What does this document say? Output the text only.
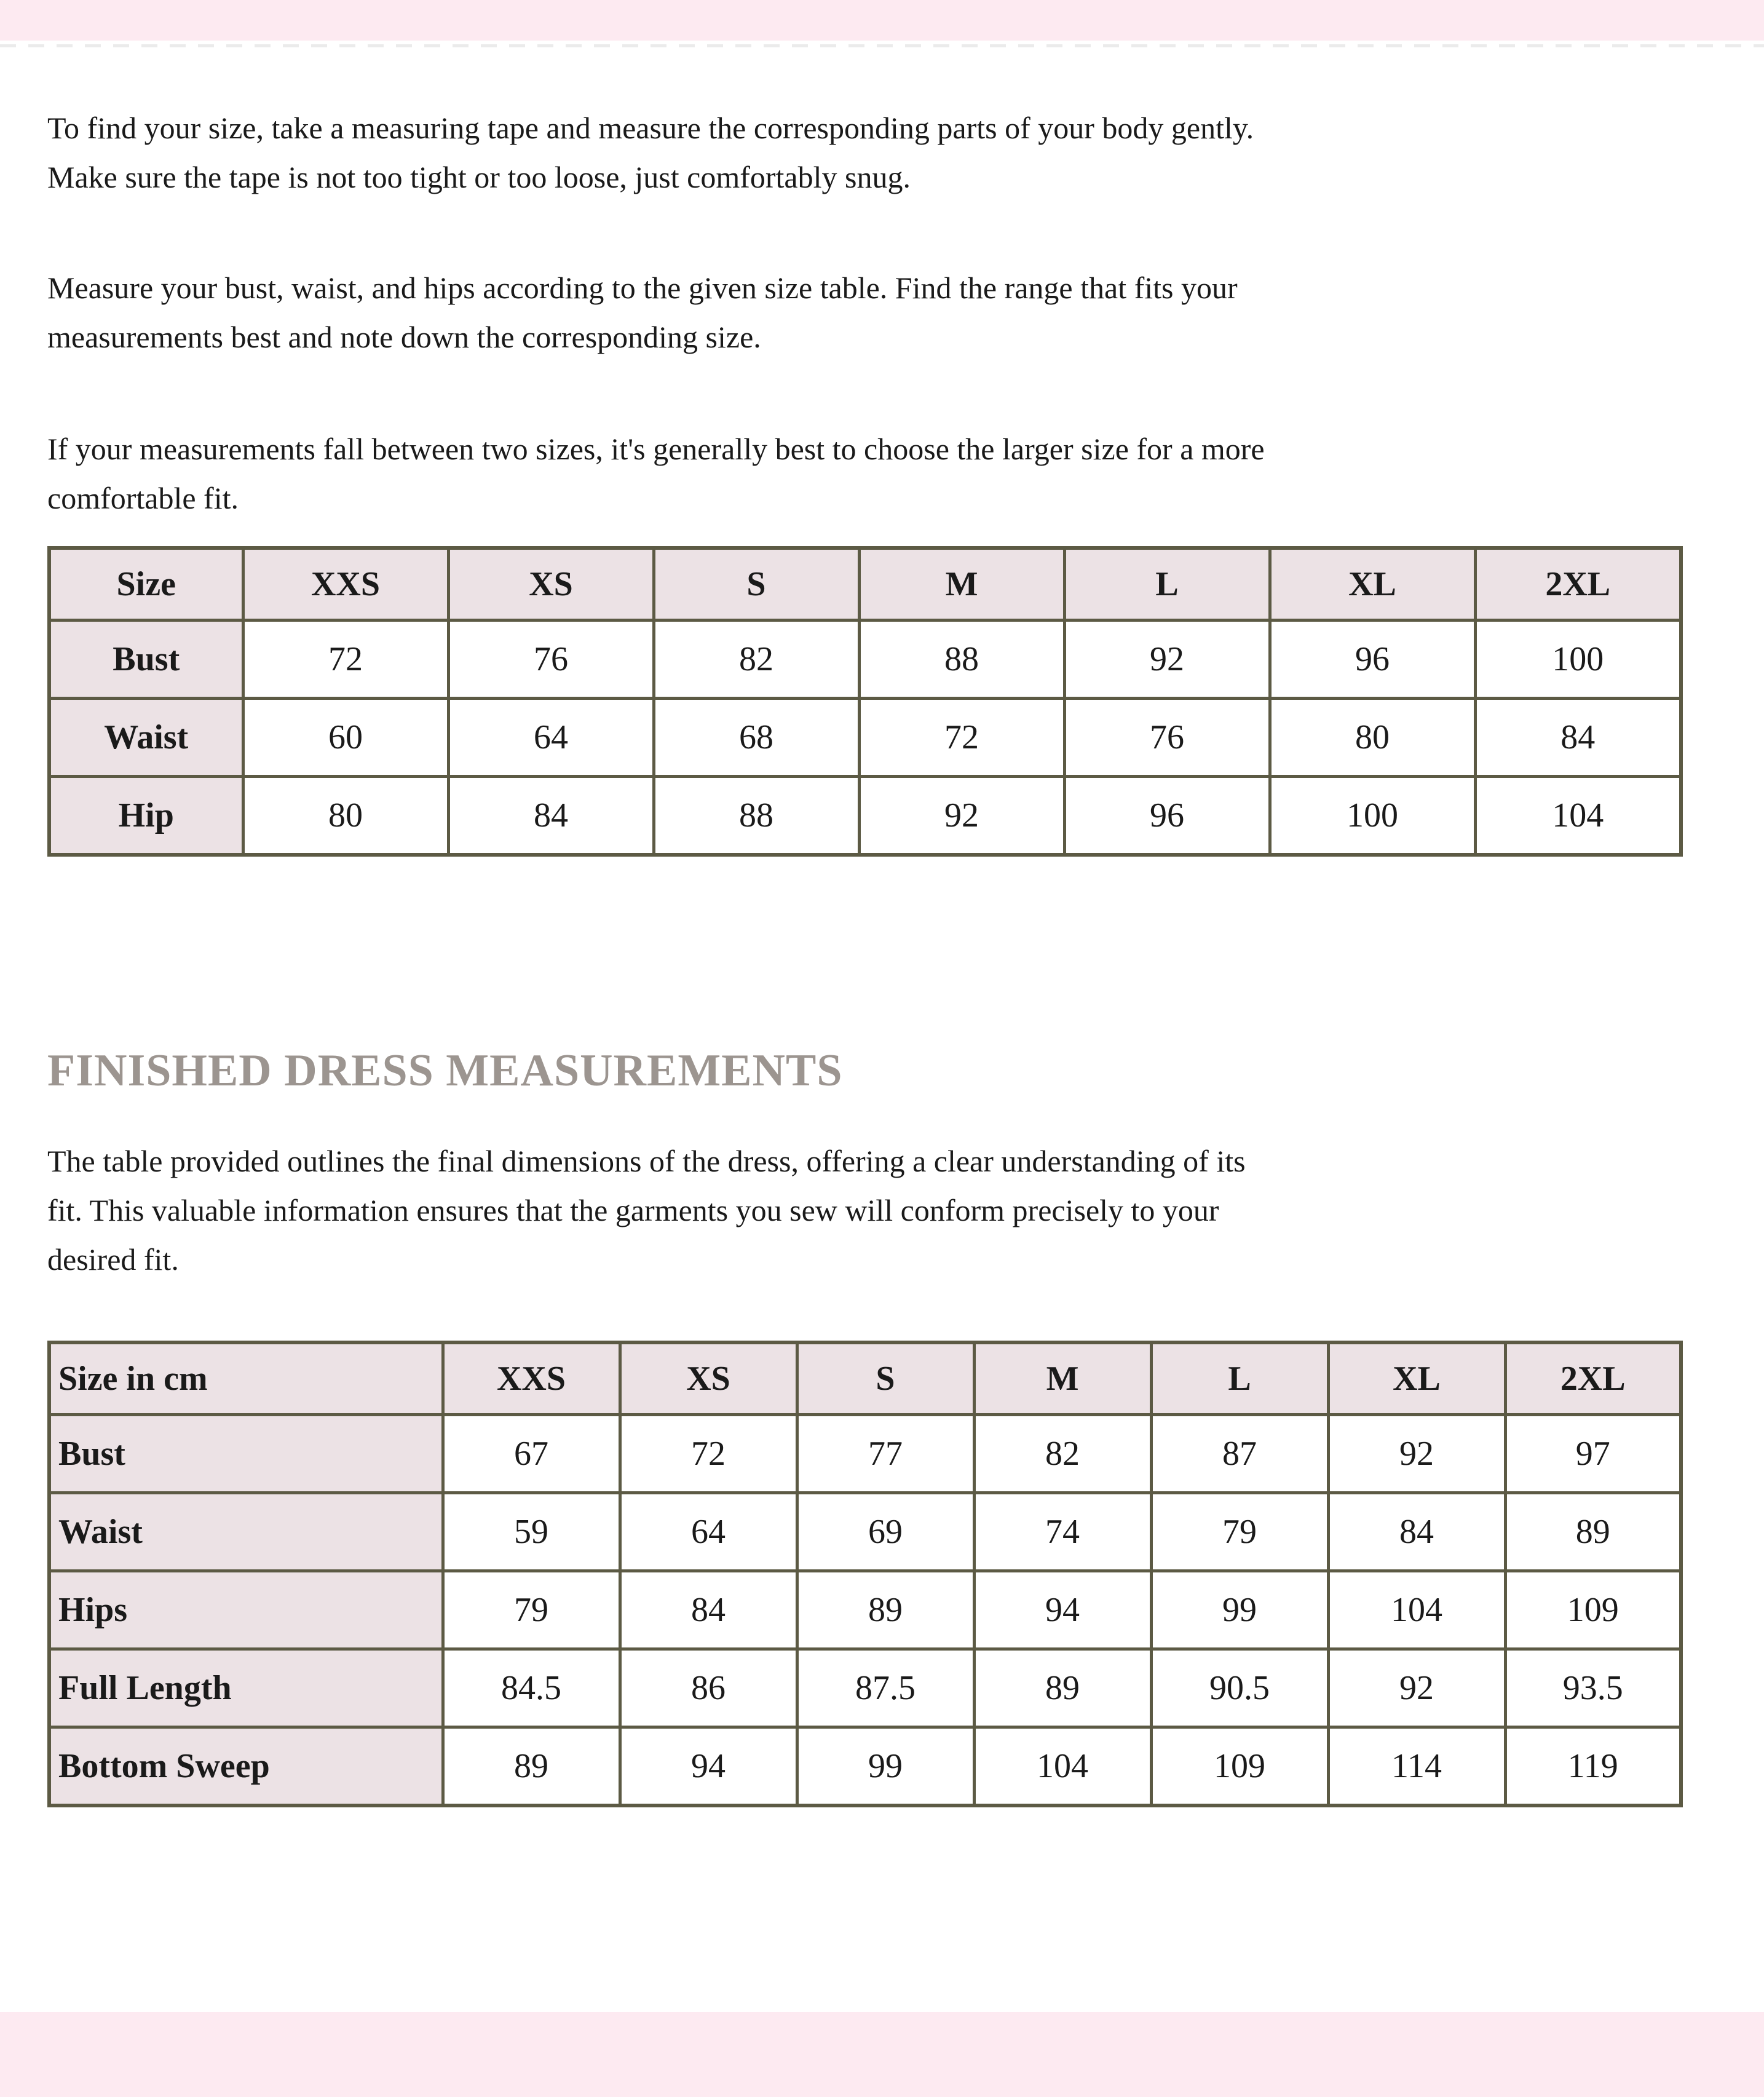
To find your size, take a measuring tape and measure the corresponding parts of your body gently.
Make sure the tape is not too tight or too loose, just comfortably snug.

Measure your bust, waist, and hips according to the given size table. Find the range that fits your
measurements best and note down the corresponding size.

If your measurements fall between two sizes, it's generally best to choose the larger size for a more
comfortable fit.

Size	XXS	XS	S	M	L	XL	2XL
Bust	72	76	82	88	92	96	100
Waist	60	64	68	72	76	80	84
Hip	80	84	88	92	96	100	104
FINISHED DRESS MEASUREMENTS

The table provided outlines the final dimensions of the dress, offering a clear understanding of its
fit. This valuable information ensures that the garments you sew will conform precisely to your
desired fit.

Size in cm	XXS	XS	S	M	L	XL	2XL
Bust	67	72	77	82	87	92	97
Waist	59	64	69	74	79	84	89
Hips	79	84	89	94	99	104	109
Full Length	84.5	86	87.5	89	90.5	92	93.5
Bottom Sweep	89	94	99	104	109	114	119
